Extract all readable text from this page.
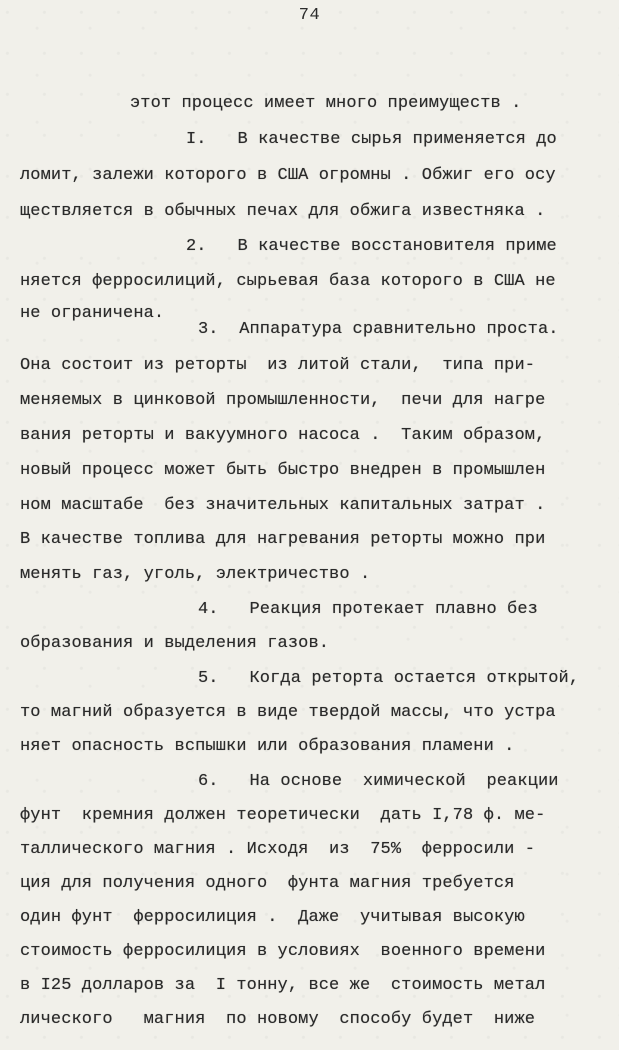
74
этот процесс имеет много преимуществ .
I.   В качестве сырья применяется до
ломит, залежи которого в США огромны . Обжиг его осу
ществляется в обычных печах для обжига известняка .
2.   В качестве восстановителя приме
няется ферросилиций, сырьевая база которого в США не
не ограничена.
3.  Аппаратура сравнительно проста.
Она состоит из реторты  из литой стали,  типа при-
меняемых в цинковой промышленности,  печи для нагре
вания реторты и вакуумного насоса .  Таким образом,
новый процесс может быть быстро внедрен в промышлен
ном масштабе  без значительных капитальных затрат .
В качестве топлива для нагревания реторты можно при
менять газ, уголь, электричество .
4.   Реакция протекает плавно без
образования и выделения газов.
5.   Когда реторта остается открытой,
то магний образуется в виде твердой массы, что устра
няет опасность вспышки или образования пламени .
6.   На основе  химической  реакции
фунт  кремния должен теоретически  дать I,78 ф. ме-
таллического магния . Исходя  из  75%  ферросили -
ция для получения одного  фунта магния требуется
один фунт  ферросилиция .  Даже  учитывая высокую
стоимость ферросилиция в условиях  военного времени
в I25 долларов за  I тонну, все же  стоимость метал
лического   магния  по новому  способу будет  ниже
